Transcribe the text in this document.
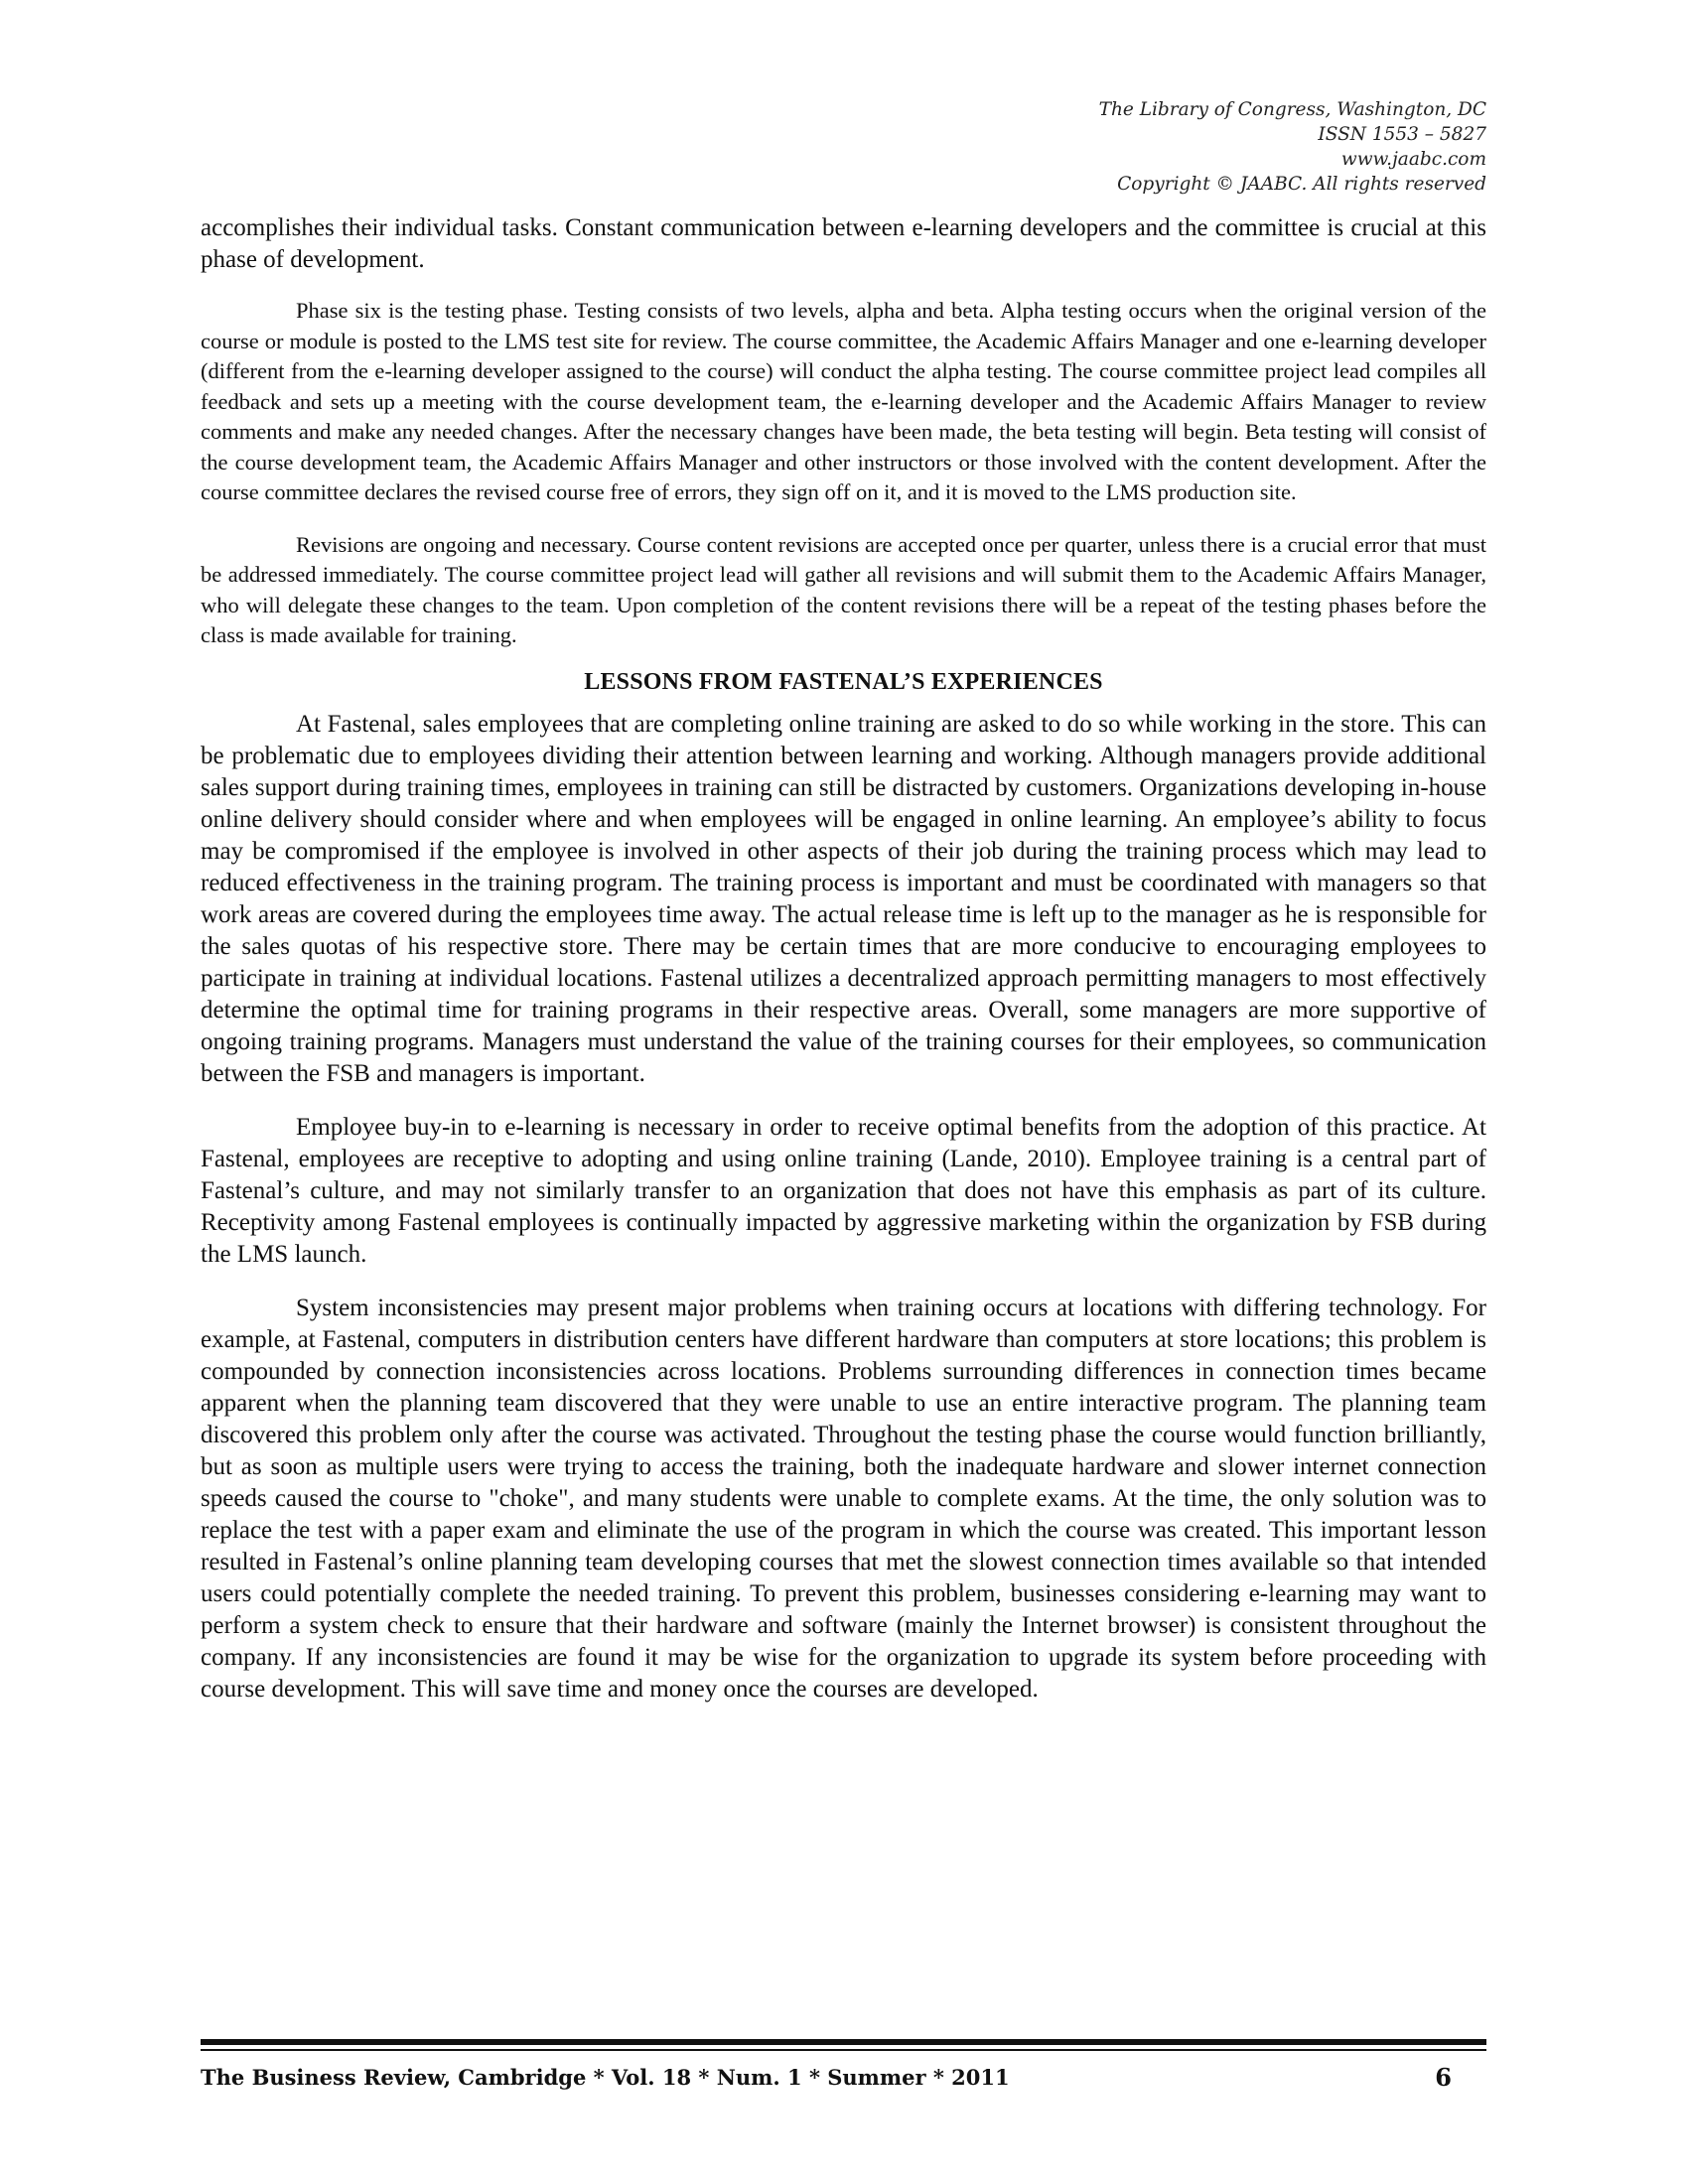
The Library of Congress, Washington, DC
ISSN 1553 – 5827
www.jaabc.com
Copyright © JAABC. All rights reserved

accomplishes their individual tasks. Constant communication between e-learning developers and the committee is crucial at this phase of development.

Phase six is the testing phase. Testing consists of two levels, alpha and beta. Alpha testing occurs when the original version of the course or module is posted to the LMS test site for review. The course committee, the Academic Affairs Manager and one e-learning developer (different from the e-learning developer assigned to the course) will conduct the alpha testing. The course committee project lead compiles all feedback and sets up a meeting with the course development team, the e-learning developer and the Academic Affairs Manager to review comments and make any needed changes. After the necessary changes have been made, the beta testing will begin. Beta testing will consist of the course development team, the Academic Affairs Manager and other instructors or those involved with the content development. After the course committee declares the revised course free of errors, they sign off on it, and it is moved to the LMS production site.

Revisions are ongoing and necessary. Course content revisions are accepted once per quarter, unless there is a crucial error that must be addressed immediately. The course committee project lead will gather all revisions and will submit them to the Academic Affairs Manager, who will delegate these changes to the team. Upon completion of the content revisions there will be a repeat of the testing phases before the class is made available for training.

LESSONS FROM FASTENAL’S EXPERIENCES

At Fastenal, sales employees that are completing online training are asked to do so while working in the store. This can be problematic due to employees dividing their attention between learning and working. Although managers provide additional sales support during training times, employees in training can still be distracted by customers. Organizations developing in-house online delivery should consider where and when employees will be engaged in online learning. An employee’s ability to focus may be compromised if the employee is involved in other aspects of their job during the training process which may lead to reduced effectiveness in the training program. The training process is important and must be coordinated with managers so that work areas are covered during the employees time away. The actual release time is left up to the manager as he is responsible for the sales quotas of his respective store. There may be certain times that are more conducive to encouraging employees to participate in training at individual locations. Fastenal utilizes a decentralized approach permitting managers to most effectively determine the optimal time for training programs in their respective areas. Overall, some managers are more supportive of ongoing training programs. Managers must understand the value of the training courses for their employees, so communication between the FSB and managers is important.

Employee buy-in to e-learning is necessary in order to receive optimal benefits from the adoption of this practice. At Fastenal, employees are receptive to adopting and using online training (Lande, 2010). Employee training is a central part of Fastenal’s culture, and may not similarly transfer to an organization that does not have this emphasis as part of its culture. Receptivity among Fastenal employees is continually impacted by aggressive marketing within the organization by FSB during the LMS launch.

System inconsistencies may present major problems when training occurs at locations with differing technology. For example, at Fastenal, computers in distribution centers have different hardware than computers at store locations; this problem is compounded by connection inconsistencies across locations. Problems surrounding differences in connection times became apparent when the planning team discovered that they were unable to use an entire interactive program. The planning team discovered this problem only after the course was activated. Throughout the testing phase the course would function brilliantly, but as soon as multiple users were trying to access the training, both the inadequate hardware and slower internet connection speeds caused the course to "choke", and many students were unable to complete exams. At the time, the only solution was to replace the test with a paper exam and eliminate the use of the program in which the course was created. This important lesson resulted in Fastenal’s online planning team developing courses that met the slowest connection times available so that intended users could potentially complete the needed training. To prevent this problem, businesses considering e-learning may want to perform a system check to ensure that their hardware and software (mainly the Internet browser) is consistent throughout the company. If any inconsistencies are found it may be wise for the organization to upgrade its system before proceeding with course development. This will save time and money once the courses are developed.

The Business Review, Cambridge * Vol. 18 * Num. 1 * Summer * 2011	6
